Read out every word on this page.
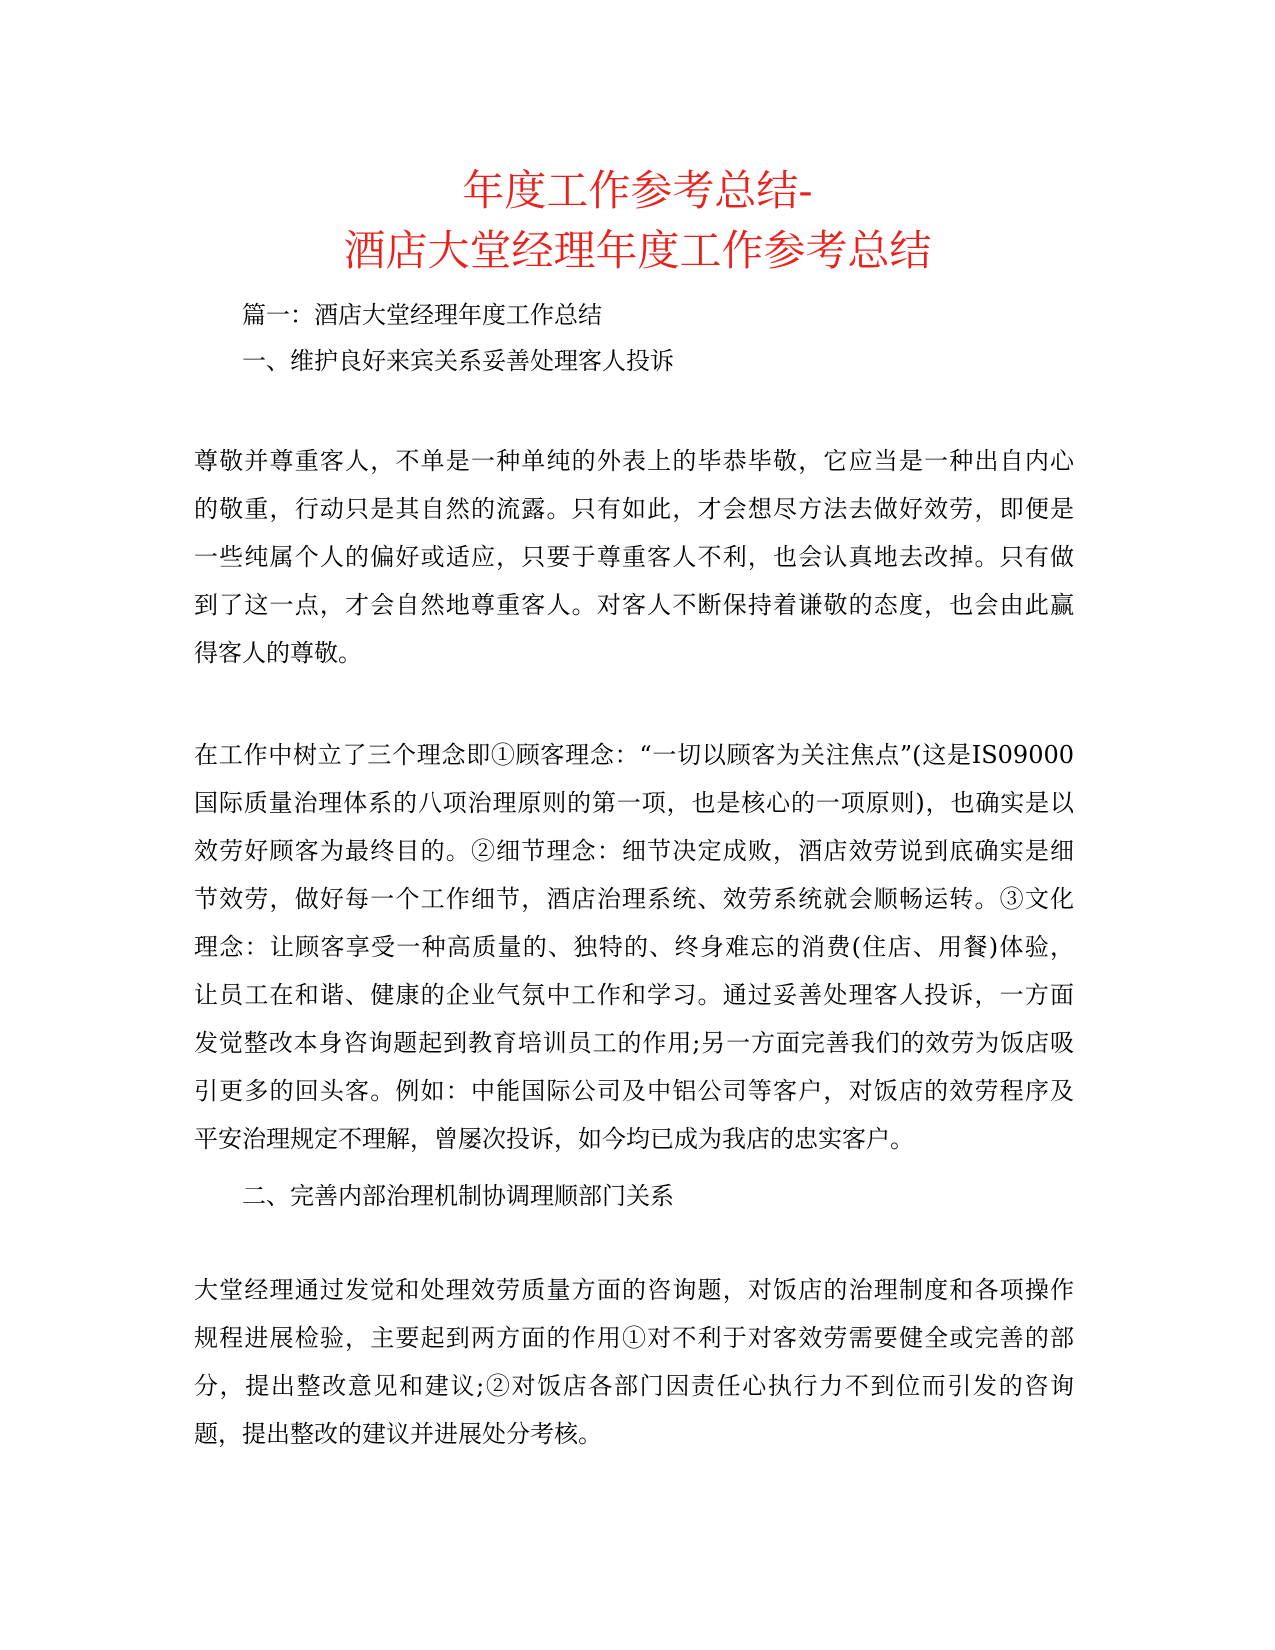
年度工作参考总结-
酒店大堂经理年度工作参考总结
篇一：酒店大堂经理年度工作总结
一、维护良好来宾关系妥善处理客人投诉
尊敬并尊重客人，不单是一种单纯的外表上的毕恭毕敬，它应当是一种出自内心
的敬重，行动只是其自然的流露。只有如此，才会想尽方法去做好效劳，即便是
一些纯属个人的偏好或适应，只要于尊重客人不利，也会认真地去改掉。只有做
到了这一点，才会自然地尊重客人。对客人不断保持着谦敬的态度，也会由此赢
得客人的尊敬。
在工作中树立了三个理念即①顾客理念：“一切以顾客为关注焦点”(这是IS09000
国际质量治理体系的八项治理原则的第一项，也是核心的一项原则)，也确实是以
效劳好顾客为最终目的。②细节理念：细节决定成败，酒店效劳说到底确实是细
节效劳，做好每一个工作细节，酒店治理系统、效劳系统就会顺畅运转。③文化
理念：让顾客享受一种高质量的、独特的、终身难忘的消费(住店、用餐)体验，
让员工在和谐、健康的企业气氛中工作和学习。通过妥善处理客人投诉，一方面
发觉整改本身咨询题起到教育培训员工的作用;另一方面完善我们的效劳为饭店吸
引更多的回头客。例如：中能国际公司及中铝公司等客户，对饭店的效劳程序及
平安治理规定不理解，曾屡次投诉，如今均已成为我店的忠实客户。
二、完善内部治理机制协调理顺部门关系
大堂经理通过发觉和处理效劳质量方面的咨询题，对饭店的治理制度和各项操作
规程进展检验，主要起到两方面的作用①对不利于对客效劳需要健全或完善的部
分，提出整改意见和建议;②对饭店各部门因责任心执行力不到位而引发的咨询
题，提出整改的建议并进展处分考核。
